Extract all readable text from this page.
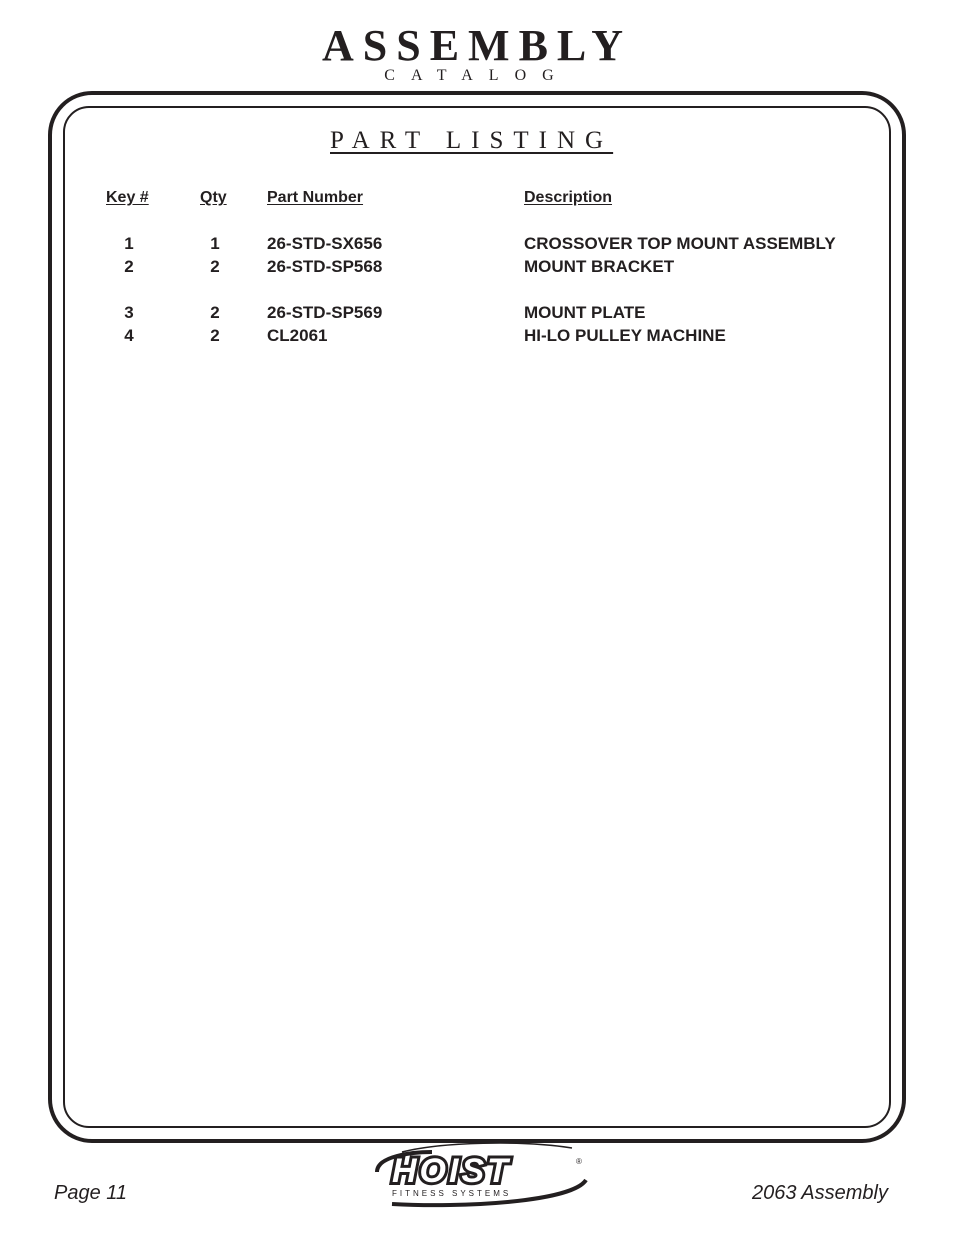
ASSEMBLY
CATALOG
PART LISTING
Key #	Qty	Part Number	Description
1	1	26-STD-SX656	CROSSOVER TOP MOUNT ASSEMBLY
2	2	26-STD-SP568	MOUNT BRACKET
3	2	26-STD-SP569	MOUNT PLATE
4	2	CL2061	HI-LO PULLEY MACHINE
Page 11	2063 Assembly
HOIST	®
FITNESS SYSTEMS
